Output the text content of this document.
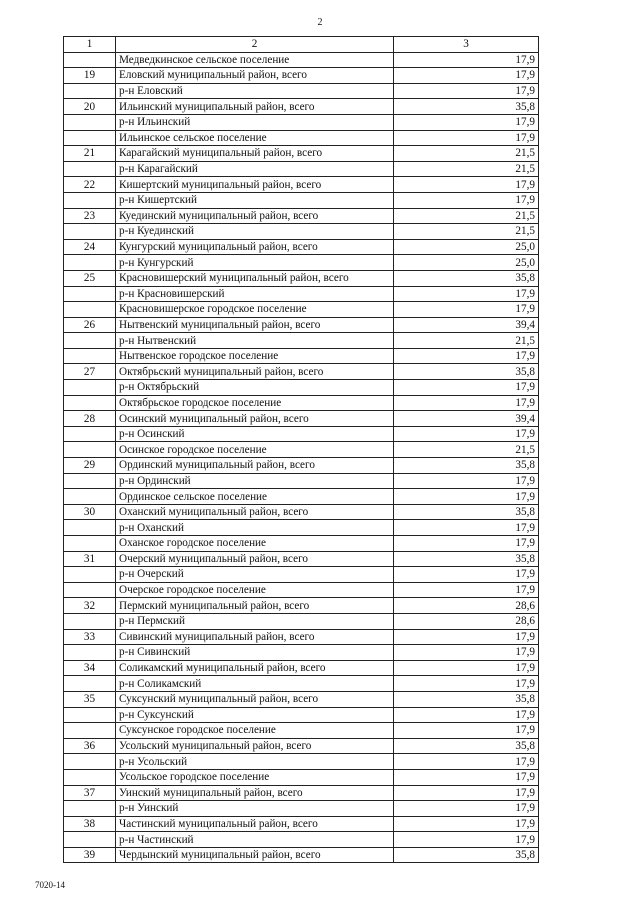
2
1	2	3
	Медведкинское сельское поселение	17,9
19	Еловский муниципальный район, всего	17,9
	р-н Еловский	17,9
20	Ильинский муниципальный район, всего	35,8
	р-н Ильинский	17,9
	Ильинское сельское поселение	17,9
21	Карагайский муниципальный район, всего	21,5
	р-н Карагайский	21,5
22	Кишертский муниципальный район, всего	17,9
	р-н Кишертский	17,9
23	Куединский муниципальный район, всего	21,5
	р-н Куединский	21,5
24	Кунгурский муниципальный район, всего	25,0
	р-н Кунгурский	25,0
25	Красновишерский муниципальный район, всего	35,8
	р-н Красновишерский	17,9
	Красновишерское городское поселение	17,9
26	Нытвенский муниципальный район, всего	39,4
	р-н Нытвенский	21,5
	Нытвенское городское поселение	17,9
27	Октябрьский муниципальный район, всего	35,8
	р-н Октябрьский	17,9
	Октябрьское городское поселение	17,9
28	Осинский муниципальный район, всего	39,4
	р-н Осинский	17,9
	Осинское городское поселение	21,5
29	Ординский муниципальный район, всего	35,8
	р-н Ординский	17,9
	Ординское сельское поселение	17,9
30	Оханский муниципальный район, всего	35,8
	р-н Оханский	17,9
	Оханское городское поселение	17,9
31	Очерский муниципальный район, всего	35,8
	р-н Очерский	17,9
	Очерское городское поселение	17,9
32	Пермский муниципальный район, всего	28,6
	р-н Пермский	28,6
33	Сивинский муниципальный район, всего	17,9
	р-н Сивинский	17,9
34	Соликамский муниципальный район, всего	17,9
	р-н Соликамский	17,9
35	Суксунский муниципальный район, всего	35,8
	р-н Суксунский	17,9
	Суксунское городское поселение	17,9
36	Усольский муниципальный район, всего	35,8
	р-н Усольский	17,9
	Усольское городское поселение	17,9
37	Уинский муниципальный район, всего	17,9
	р-н Уинский	17,9
38	Частинский муниципальный район, всего	17,9
	р-н Частинский	17,9
39	Чердынский муниципальный район, всего	35,8
7020-14
